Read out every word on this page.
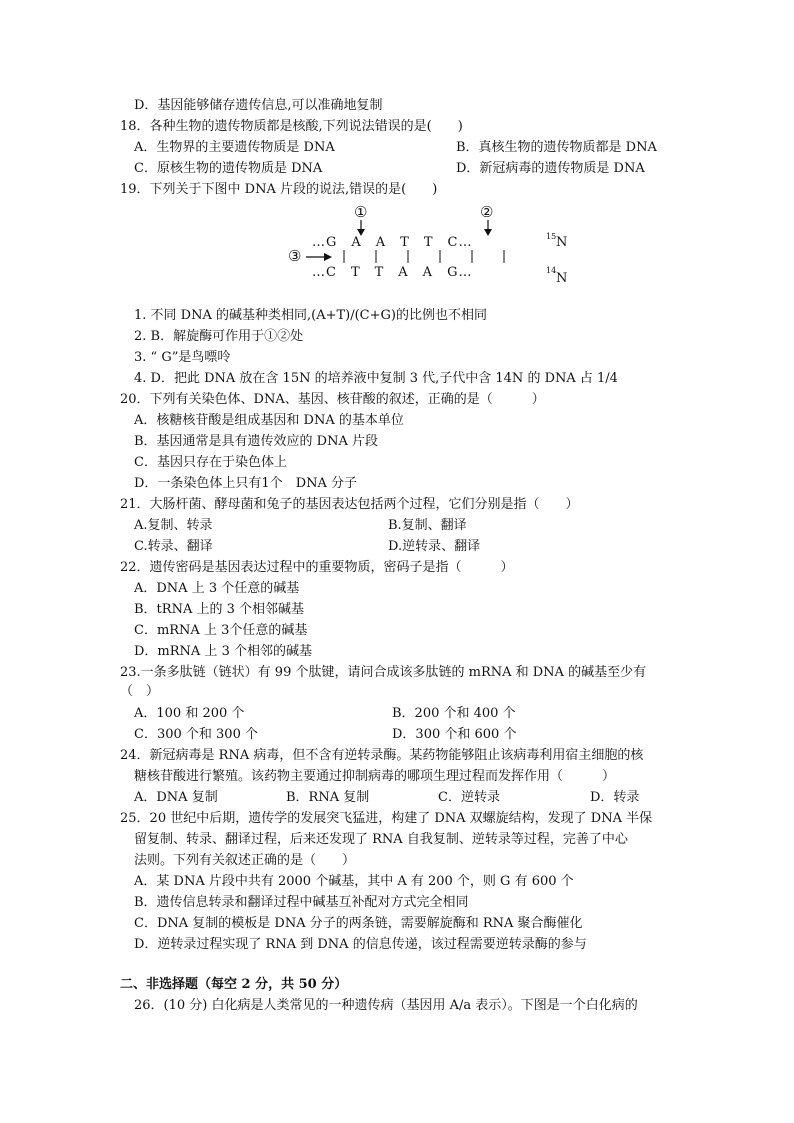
D．基因能够储存遗传信息,可以准确地复制
18．各种生物的遗传物质都是核酸,下列说法错误的是(　　)
A．生物界的主要遗传物质是 DNA	B．真核生物的遗传物质都是 DNA
C．原核生物的遗传物质是 DNA	D．新冠病毒的遗传物质是 DNA
19．下列关于下图中 DNA 片段的说法,错误的是(　　)
①	②
…G　A　A　T　T　C…	15 N
③
…C　T　T　A　A　G…	14
N
1. 不同 DNA 的碱基种类相同,(A+T)/(C+G)的比例也不相同
2. B．解旋酶可作用于①②处
3. “ G”是鸟嘌呤
4. D．把此 DNA 放在含 15N 的培养液中复制 3 代,子代中含 14N 的 DNA 占 1/4
20．下列有关染色体、DNA、基因、核苷酸的叙述，正确的是（　　　）
A．核糖核苷酸是组成基因和 DNA 的基本单位
B．基因通常是具有遗传效应的 DNA 片段
C．基因只存在于染色体上
D．一条染色体上只有1个　DNA 分子
21．大肠杆菌、酵母菌和兔子的基因表达包括两个过程，它们分别是指（　　）
A.复制、转录	B.复制、翻译
C.转录、翻译	D.逆转录、翻译
22．遗传密码是基因表达过程中的重要物质，密码子是指（　　　）
A．DNA 上 3 个任意的碱基
B．tRNA 上的 3 个相邻碱基
C．mRNA 上 3个任意的碱基
D．mRNA 上 3 个相邻的碱基
23.一条多肽链（链状）有 99 个肽键，请问合成该多肽链的 mRNA 和 DNA 的碱基至少有
（　）
A．100 和 200 个	B．200 个和 400 个
C．300 个和 300 个	D．300 个和 600 个
24．新冠病毒是 RNA 病毒，但不含有逆转录酶。某药物能够阻止该病毒利用宿主细胞的核
糖核苷酸进行繁殖。该药物主要通过抑制病毒的哪项生理过程而发挥作用（　　　）
A．DNA 复制	B．RNA 复制	C．逆转录	D．转录
25．20 世纪中后期，遗传学的发展突飞猛进，构建了 DNA 双螺旋结构，发现了 DNA 半保
留复制、转录、翻译过程，后来还发现了 RNA 自我复制、逆转录等过程，完善了中心
法则。下列有关叙述正确的是（　　）
A．某 DNA 片段中共有 2000 个碱基，其中 A 有 200 个，则 G 有 600 个
B．遗传信息转录和翻译过程中碱基互补配对方式完全相同
C．DNA 复制的模板是 DNA 分子的两条链，需要解旋酶和 RNA 聚合酶催化
D．逆转录过程实现了 RNA 到 DNA 的信息传递，该过程需要逆转录酶的参与
二、非选择题（每空 2 分，共 50 分）
26．(10 分) 白化病是人类常见的一种遗传病（基因用 A/a 表示）。下图是一个白化病的
